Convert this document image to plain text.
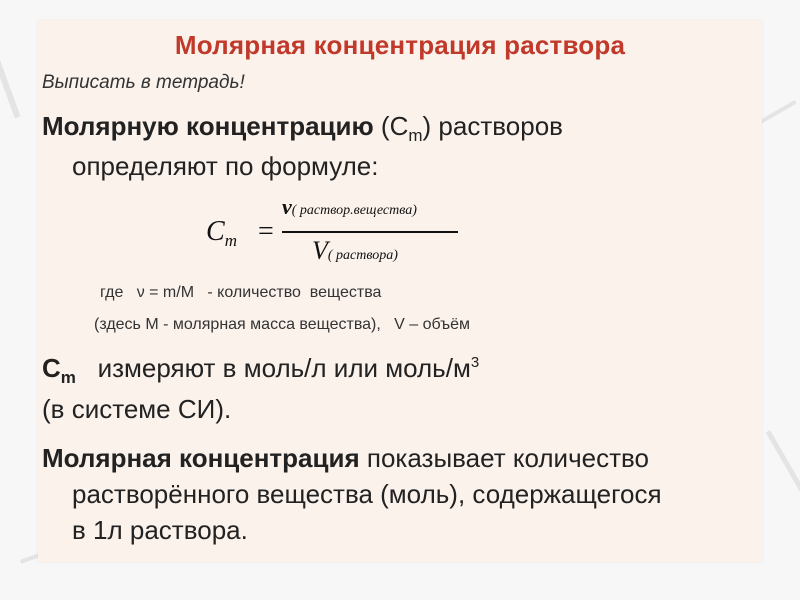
Молярная концентрация раствора
Выписать в тетрадь!
Молярную концентрацию $(C_m)$ растворов
определяют по формуле:
$C_m$ =
ν( раствор.вещества)
V( раствора)
где   ν = m/M   - количество  вещества
(здесь М - молярная масса вещества),   V – объём
$C_m$   измеряют в моль/л или моль/$м^3$
(в системе СИ).
Молярная концентрация показывает количество
растворённого вещества (моль), содержащегося
в 1л раствора.
